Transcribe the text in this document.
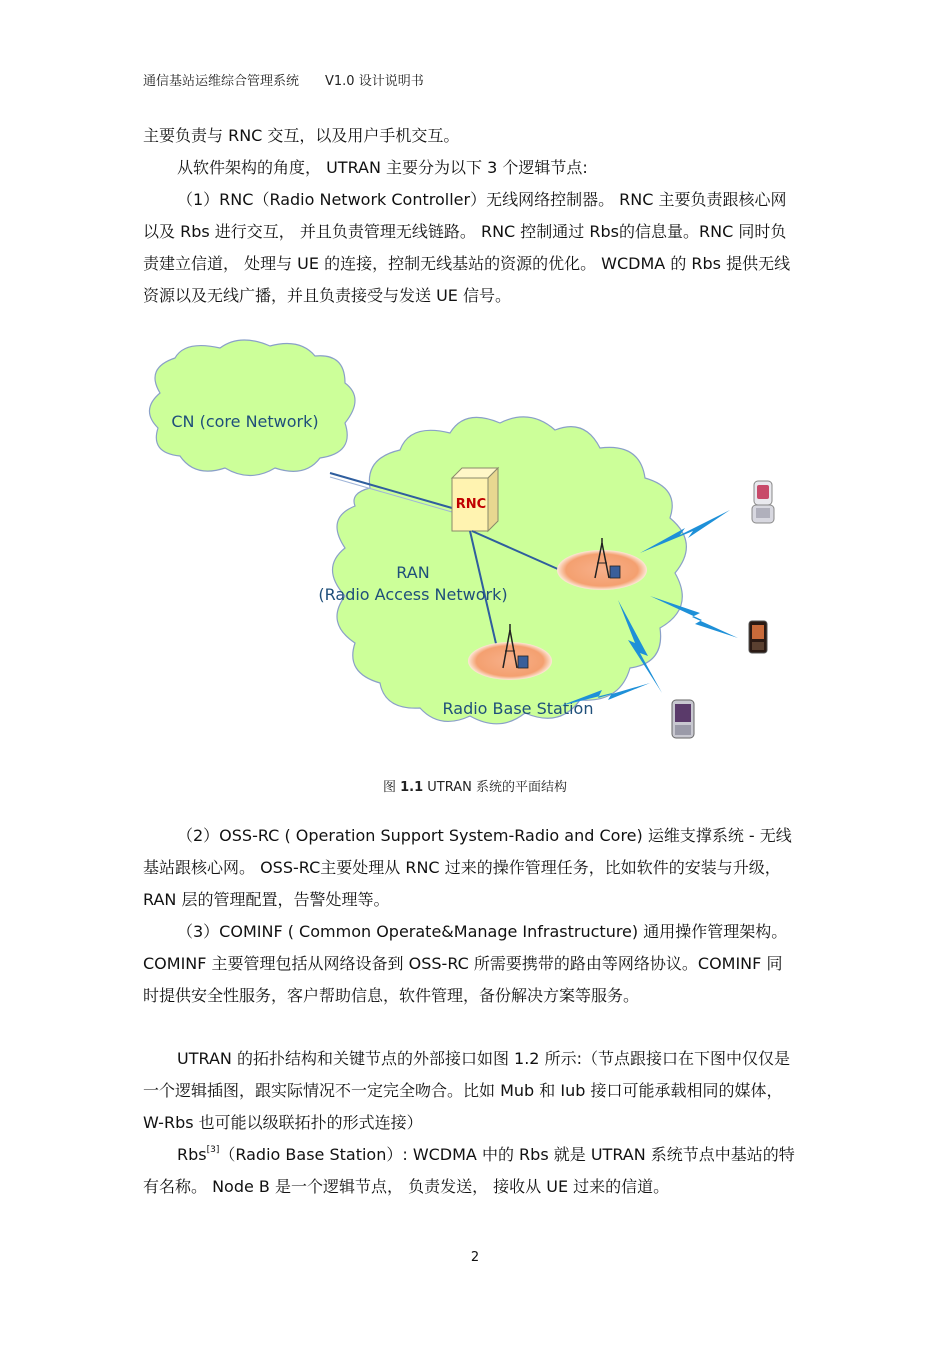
通信基站运维综合管理系统 V1.0 设计说明书
主要负责与 RNC 交互，以及用户手机交互。
从软件架构的角度， UTRAN 主要分为以下 3 个逻辑节点:
（1）RNC（Radio Network Controller）无线网络控制器。 RNC 主要负责跟核心网以及 Rbs 进行交互， 并且负责管理无线链路。 RNC 控制通过 Rbs的信息量。RNC 同时负责建立信道， 处理与 UE 的连接，控制无线基站的资源的优化。 WCDMA 的 Rbs 提供无线资源以及无线广播，并且负责接受与发送 UE 信号。
CN (core Network)
RNC
RAN
(Radio Access Network)
Radio Base Station
图 1.1 UTRAN 系统的平面结构
（2）OSS-RC ( Operation Support System-Radio and Core) 运维支撑系统 - 无线基站跟核心网。 OSS-RC主要处理从 RNC 过来的操作管理任务，比如软件的安装与升级， RAN 层的管理配置，告警处理等。
（3）COMINF ( Common Operate&Manage Infrastructure) 通用操作管理架构。COMINF 主要管理包括从网络设备到 OSS-RC 所需要携带的路由等网络协议。COMINF 同时提供安全性服务，客户帮助信息，软件管理，备份解决方案等服务。
UTRAN 的拓扑结构和关键节点的外部接口如图 1.2 所示:（节点跟接口在下图中仅仅是一个逻辑插图，跟实际情况不一定完全吻合。比如 Mub 和 Iub 接口可能承载相同的媒体， W-Rbs 也可能以级联拓扑的形式连接）
Rbs[3]（Radio Base Station）: WCDMA 中的 Rbs 就是 UTRAN 系统节点中基站的特有名称。 Node B 是一个逻辑节点， 负责发送， 接收从 UE 过来的信道。
2
